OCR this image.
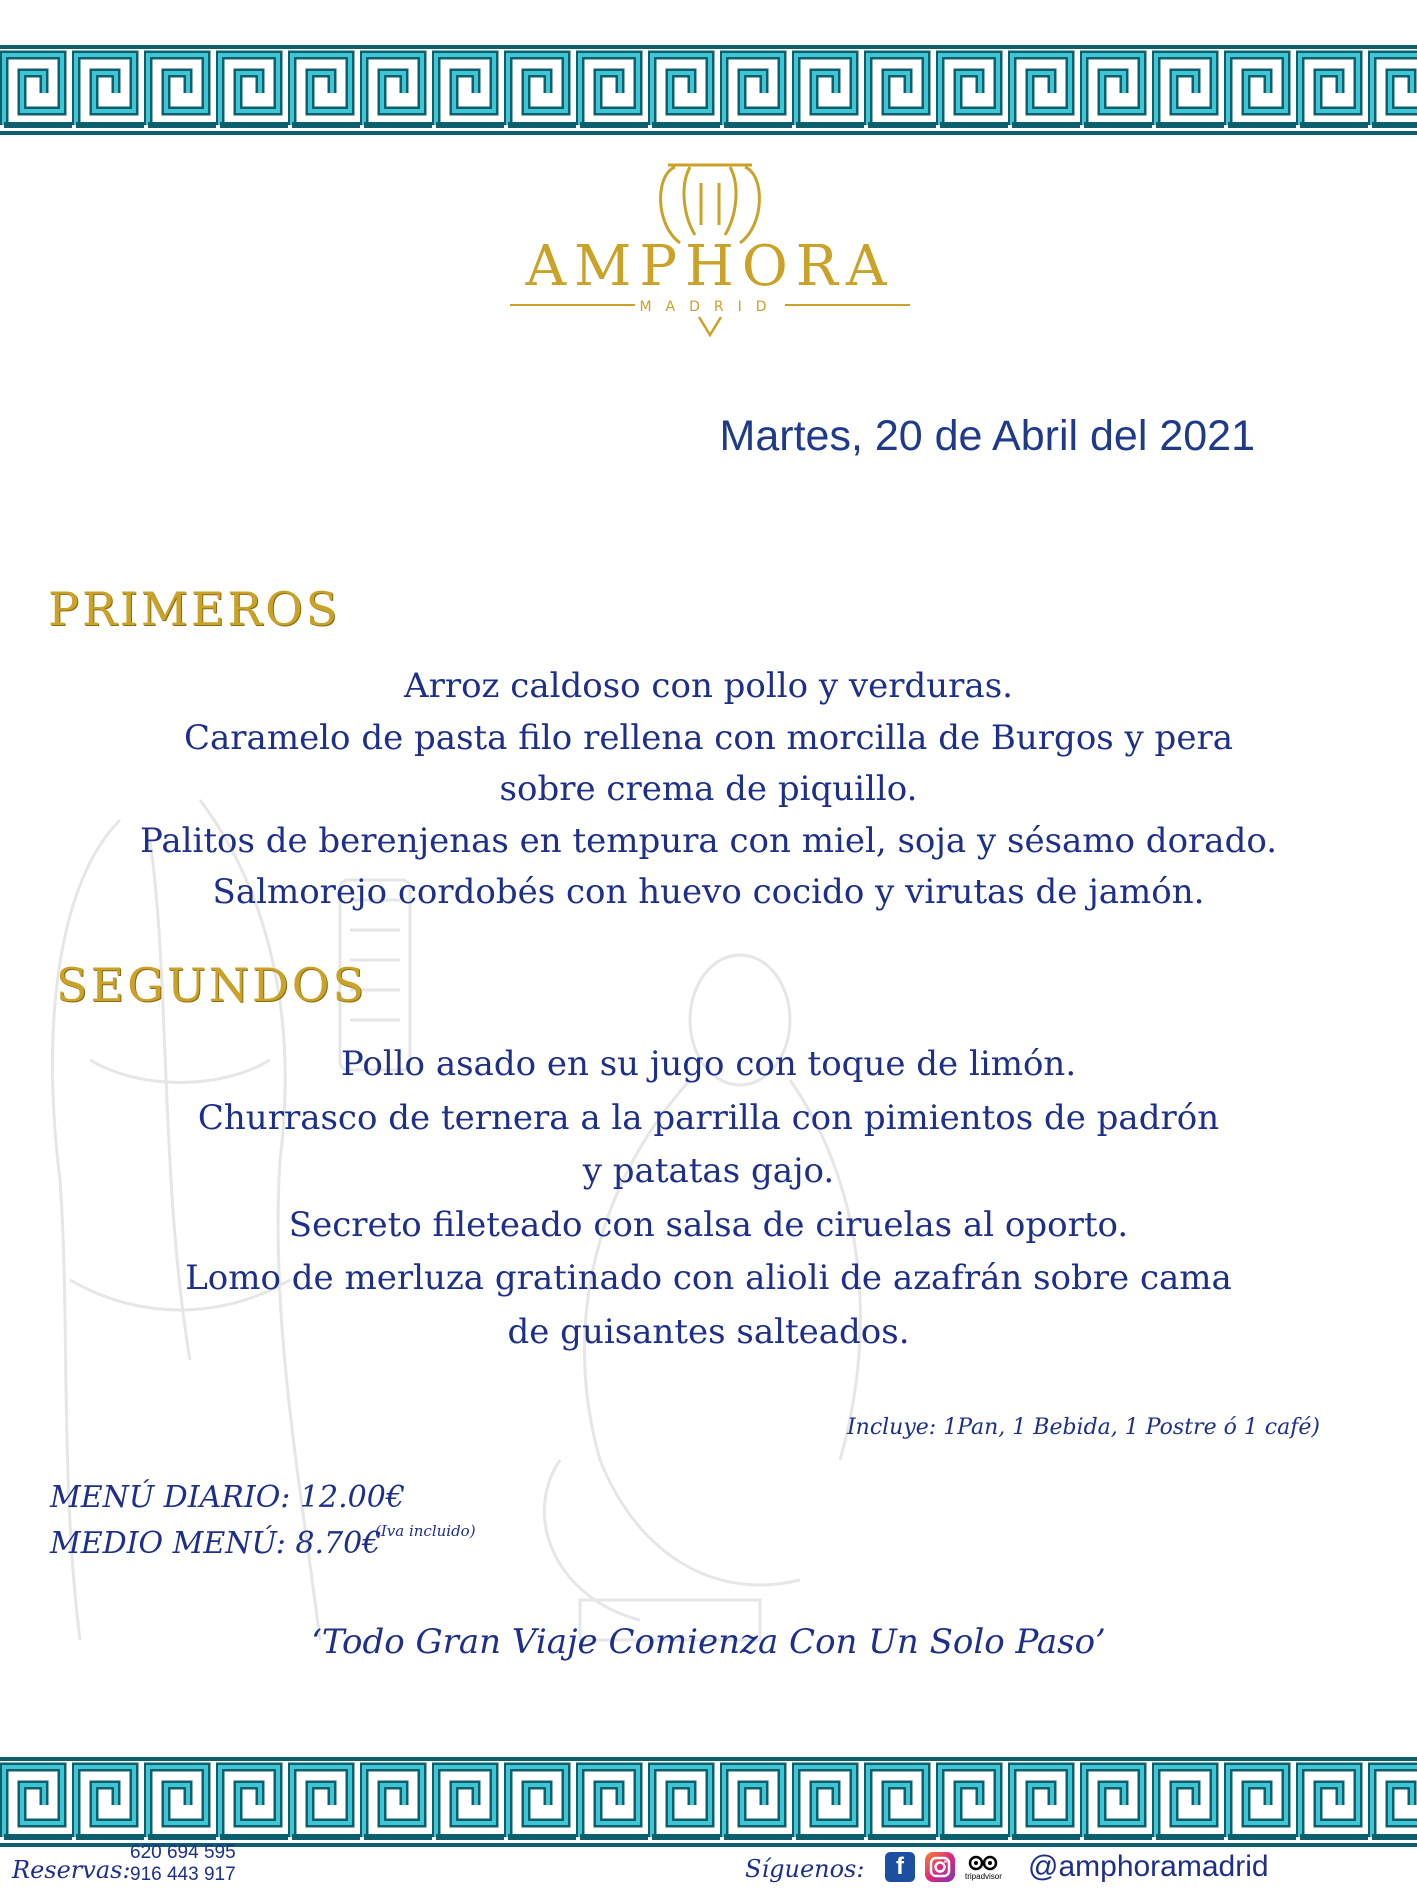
AMPHORA
MADRID
Martes, 20 de Abril del 2021
PRIMEROS
Arroz caldoso con pollo y verduras.
Caramelo de pasta filo rellena con morcilla de Burgos y pera
sobre crema de piquillo.
Palitos de berenjenas en tempura con miel, soja y sésamo dorado.
Salmorejo cordobés con huevo cocido y virutas de jamón.
SEGUNDOS
Pollo asado en su jugo con toque de limón.
Churrasco de ternera a la parrilla con pimientos de padrón
y patatas gajo.
Secreto fileteado con salsa de ciruelas al oporto.
Lomo de merluza gratinado con alioli de azafrán sobre cama
de guisantes salteados.
Incluye: 1Pan, 1 Bebida, 1 Postre ó 1 café)
MENÚ DIARIO: 12.00€
MEDIO MENÚ: 8.70€
(Iva incluido)
‘Todo Gran Viaje Comienza Con Un Solo Paso’
Reservas:
620 694 595
916 443 917	Síguenos:	f	tripadvisor @amphoramadrid
